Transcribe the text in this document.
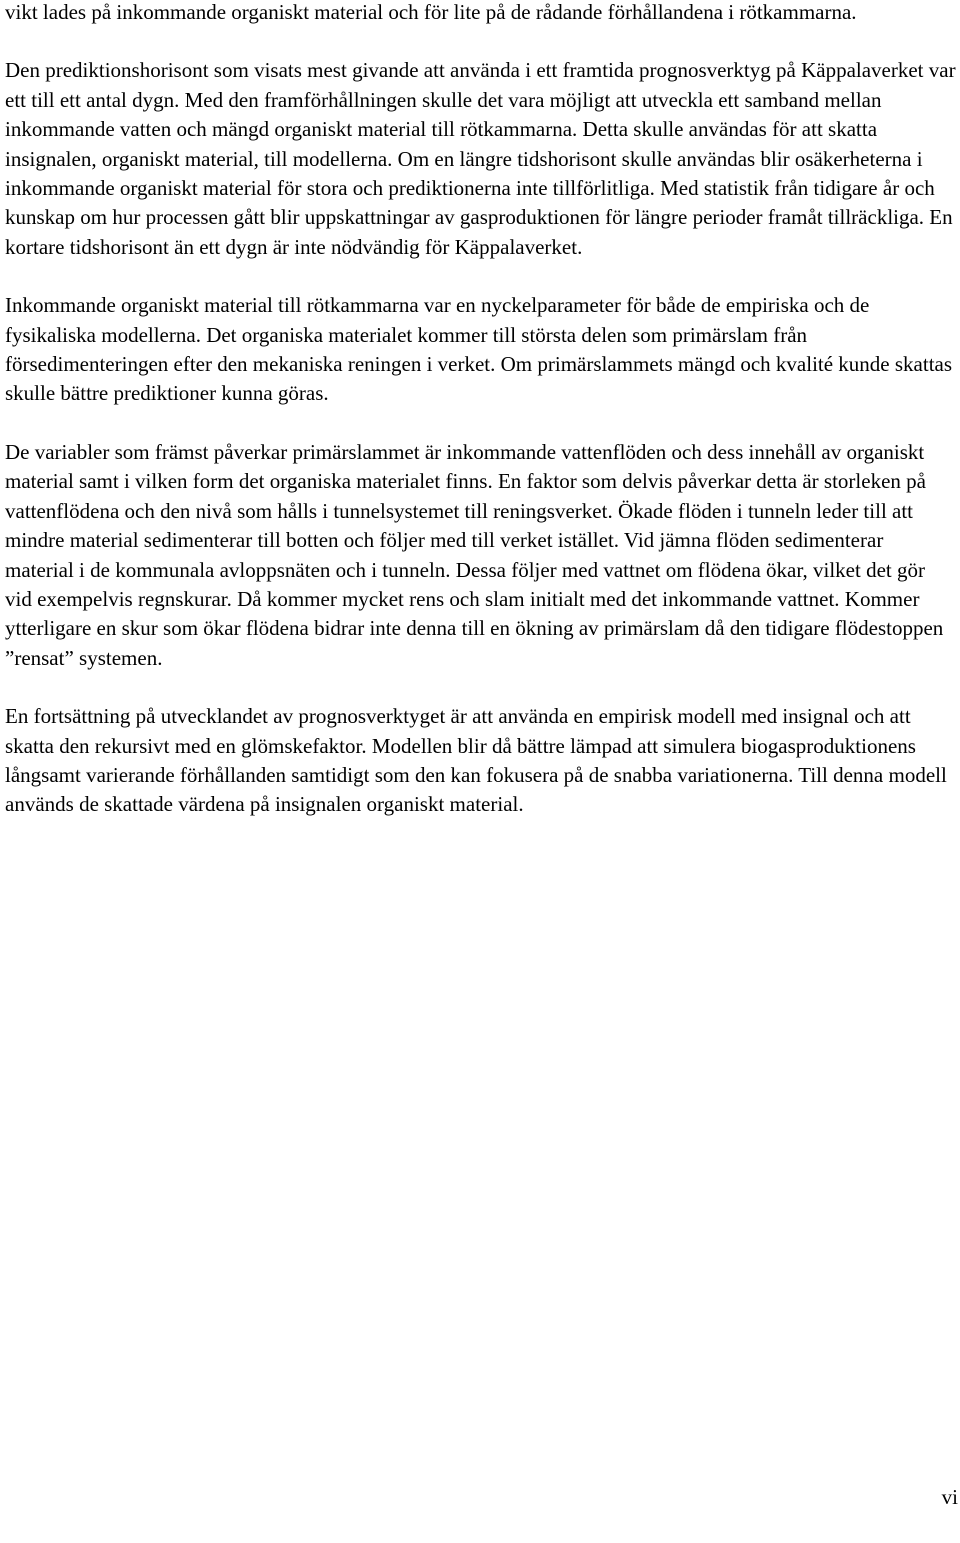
vikt lades på inkommande organiskt material och för lite på de rådande förhållandena i rötkammarna.

Den prediktionshorisont som visats mest givande att använda i ett framtida prognosverktyg på Käppalaverket var ett till ett antal dygn. Med den framförhållningen skulle det vara möjligt att utveckla ett samband mellan inkommande vatten och mängd organiskt material till rötkammarna. Detta skulle användas för att skatta insignalen, organiskt material, till modellerna. Om en längre tidshorisont skulle användas blir osäkerheterna i inkommande organiskt material för stora och prediktionerna inte tillförlitliga. Med statistik från tidigare år och kunskap om hur processen gått blir uppskattningar av gasproduktionen för längre perioder framåt tillräckliga. En kortare tidshorisont än ett dygn är inte nödvändig för Käppalaverket.

Inkommande organiskt material till rötkammarna var en nyckelparameter för både de empiriska och de fysikaliska modellerna. Det organiska materialet kommer till största delen som primärslam från försedimenteringen efter den mekaniska reningen i verket. Om primärslammets mängd och kvalité kunde skattas skulle bättre prediktioner kunna göras.

De variabler som främst påverkar primärslammet är inkommande vattenflöden och dess innehåll av organiskt material samt i vilken form det organiska materialet finns. En faktor som delvis påverkar detta är storleken på vattenflödena och den nivå som hålls i tunnelsystemet till reningsverket. Ökade flöden i tunneln leder till att mindre material sedimenterar till botten och följer med till verket istället. Vid jämna flöden sedimenterar material i de kommunala avloppsnäten och i tunneln. Dessa följer med vattnet om flödena ökar, vilket det gör vid exempelvis regnskurar. Då kommer mycket rens och slam initialt med det inkommande vattnet. Kommer ytterligare en skur som ökar flödena bidrar inte denna till en ökning av primärslam då den tidigare flödestoppen ”rensat” systemen.

En fortsättning på utvecklandet av prognosverktyget är att använda en empirisk modell med insignal och att skatta den rekursivt med en glömskefaktor. Modellen blir då bättre lämpad att simulera biogasproduktionens långsamt varierande förhållanden samtidigt som den kan fokusera på de snabba variationerna. Till denna modell används de skattade värdena på insignalen organiskt material.

vi
